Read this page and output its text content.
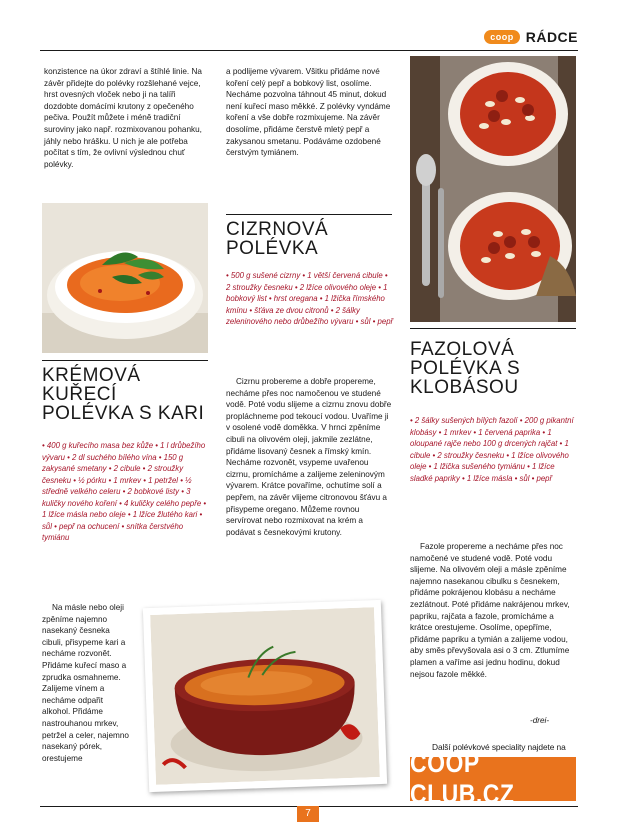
coop RÁDCE

konzistence na úkor zdraví a štíhlé linie. Na závěr přidejte do polévky rozšlehané vejce, hrst ovesných vloček nebo ji na talíři dozdobte domácími krutony z opečeného pečiva. Použít můžete i méně tradiční suroviny jako např. rozmixovanou pohanku, jáhly nebo hrášku. U nich je ale potřeba počítat s tím, že ovlivní výslednou chuť polévky.

KRÉMOVÁ KUŘECÍ POLÉVKA S KARI

• 400 g kuřecího masa bez kůže • 1 l drůbežího vývaru • 2 dl suchého bílého vína • 150 g zakysané smetany • 2 cibule • 2 stroužky česneku • ½ pórku • 1 mrkev • 1 petržel • ½ středně velkého celeru • 2 bobkové listy • 3 kuličky nového koření • 4 kuličky celého pepře • 1 lžíce másla nebo oleje • 1 lžíce žlutého kari • sůl • pepř na ochucení • snítka čerstvého tymiánu

Na másle nebo oleji zpěníme najemno nasekaný česneka cibuli, přisypeme kari a necháme rozvonět. Přidáme kuřecí maso a zprudka osmahneme. Zalijeme vínem a necháme odpařit alkohol. Přidáme nastrouhanou mrkev, petržel a celer, najemno nasekaný pórek, orestujeme

a podlijeme vývarem. Všitku přidáme nové koření celý pepř a bobkový list, osolíme. Necháme pozvolna táhnout 45 minut, dokud není kuřecí maso měkké. Z polévky vyndáme koření a vše dobře rozmixujeme. Na závěr dosolíme, přidáme čerstvě mletý pepř a zakysanou smetanu. Podáváme ozdobené čerstvým tymiánem.

CIZRNOVÁ POLÉVKA

• 500 g sušené cizrny • 1 větší červená cibule • 2 stroužky česneku • 2 lžíce olivového oleje • 1 bobkový list • hrst oregana • 1 lžička římského kmínu • šťáva ze dvou citronů • 2 šálky zeleninového nebo drůbežího vývaru • sůl • pepř

Cizrnu probereme a dobře propereme, necháme přes noc namočenou ve studené vodě. Poté vodu slijeme a cizrnu znovu dobře propláchneme pod tekoucí vodou. Uvaříme ji v osolené vodě doměkka. V hrnci zpěníme cibuli na olivovém oleji, jakmile zezlátne, přidáme lisovaný česnek a římský kmín. Necháme rozvonět, vsypeme uvařenou cizrnu, promícháme a zalijeme zeleninovým vývarem. Krátce povaříme, ochutíme solí a pepřem, na závěr vlijeme citronovou šťávu a přisypeme oregano. Můžeme rovnou servírovat nebo rozmixovat na krém a podávat s česnekovými krutony.

FAZOLOVÁ POLÉVKA S KLOBÁSOU

• 2 šálky sušených bílých fazolí • 200 g pikantní klobásy • 1 mrkev • 1 červená paprika • 1 oloupané rajče nebo 100 g drcených rajčat • 1 cibule • 2 stroužky česneku • 1 lžíce olivového oleje • 1 lžička sušeného tymiánu • 1 lžíce sladké papriky • 1 lžíce másla • sůl • pepř

Fazole propereme a necháme přes noc namočené ve studené vodě. Poté vodu slijeme. Na olivovém oleji a másle zpěníme najemno nasekanou cibulku s česnekem, přidáme pokrájenou klobásu a necháme zezlátnout. Poté přidáme nakrájenou mrkev, papriku, rajčata a fazole, promícháme a krátce orestujeme. Osolíme, opepříme, přidáme papriku a tymián a zalijeme vodou, aby směs převyšovala asi o 3 cm. Ztlumíme plamen a vaříme asi jednu hodinu, dokud nejsou fazole měkké.

-drei-

Další polévkové speciality najdete na

COOP CLUB.CZ
7
